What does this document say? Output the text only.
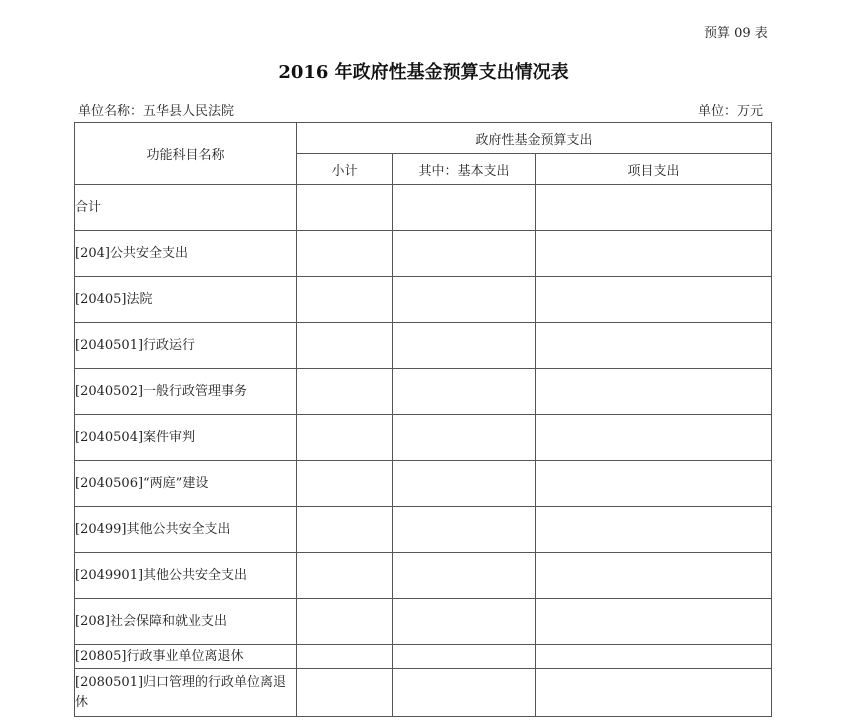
预算 09 表
2016 年政府性基金预算支出情况表
单位名称：五华县人民法院	单位：万元
功能科目名称	政府性基金预算支出		
	小计	其中：基本支出	项目支出
合计			
[204]公共安全支出			
[20405]法院			
[2040501]行政运行			
[2040502]一般行政管理事务			
[2040504]案件审判			
[2040506]“两庭”建设			
[20499]其他公共安全支出			
[2049901]其他公共安全支出			
[208]社会保障和就业支出			
[20805]行政事业单位离退休			
[2080501]归口管理的行政单位离退休			
